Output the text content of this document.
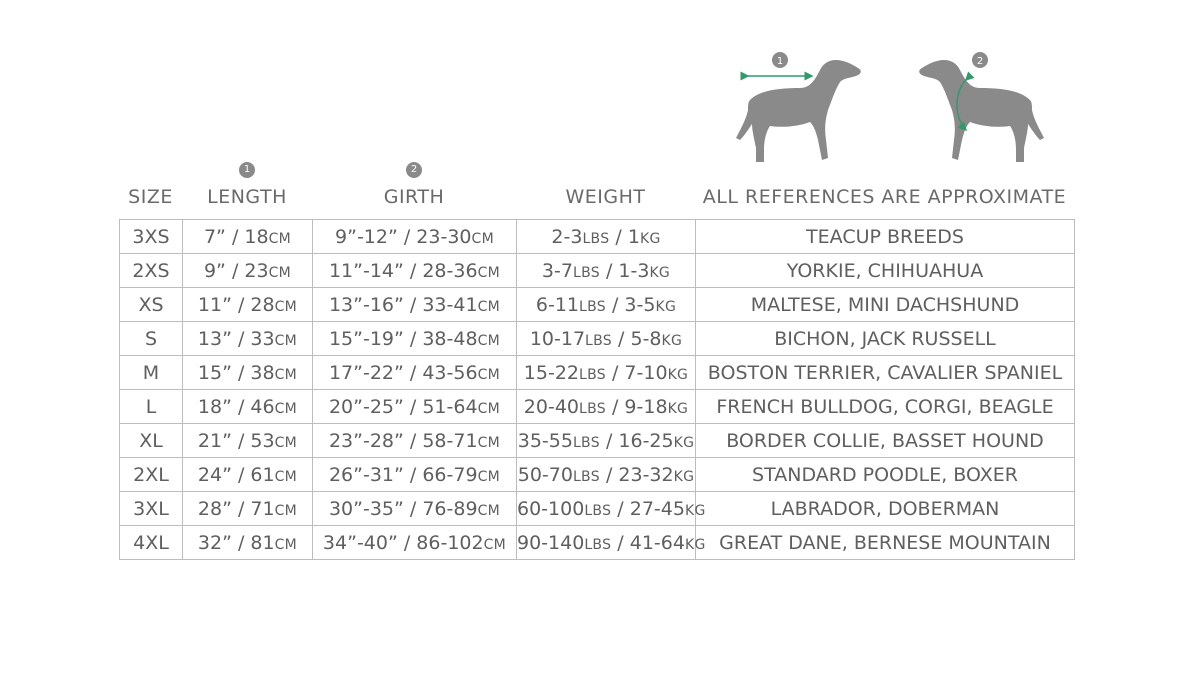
1	2
1	2
SIZE	LENGTH	GIRTH	WEIGHT	ALL REFERENCES ARE APPROXIMATE
3XS	7” / 18CM	9”-12” / 23-30CM	2-3LBS / 1KG	TEACUP BREEDS
2XS	9” / 23CM	11”-14” / 28-36CM	3-7LBS / 1-3KG	YORKIE, CHIHUAHUA
XS	11” / 28CM	13”-16” / 33-41CM	6-11LBS / 3-5KG	MALTESE, MINI DACHSHUND
S	13” / 33CM	15”-19” / 38-48CM	10-17LBS / 5-8KG	BICHON, JACK RUSSELL
M	15” / 38CM	17”-22” / 43-56CM	15-22LBS / 7-10KG	BOSTON TERRIER, CAVALIER SPANIEL
L	18” / 46CM	20”-25” / 51-64CM	20-40LBS / 9-18KG	FRENCH BULLDOG, CORGI, BEAGLE
XL	21” / 53CM	23”-28” / 58-71CM	35-55LBS / 16-25KG	BORDER COLLIE, BASSET HOUND
2XL	24” / 61CM	26”-31” / 66-79CM	50-70LBS / 23-32KG	STANDARD POODLE, BOXER
3XL	28” / 71CM	30”-35” / 76-89CM	60-100LBS / 27-45KG	LABRADOR, DOBERMAN
4XL	32” / 81CM	34”-40” / 86-102CM	90-140LBS / 41-64KG	GREAT DANE, BERNESE MOUNTAIN
